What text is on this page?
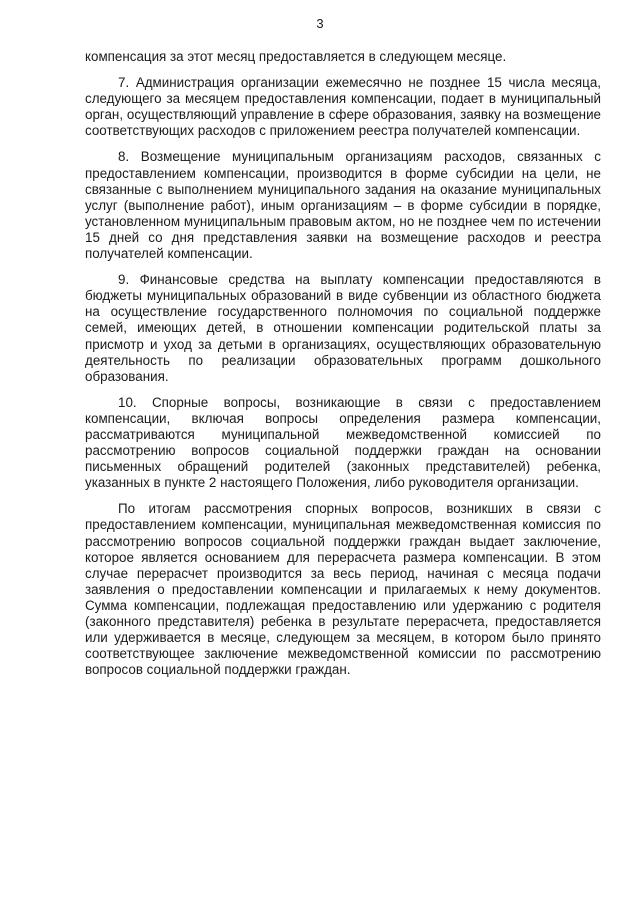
3

компенсация за этот месяц предоставляется в следующем месяце.

7. Администрация организации ежемесячно не позднее 15 числа месяца, следующего за месяцем предоставления компенсации, подает в муниципальный орган, осуществляющий управление в сфере образования, заявку на возмещение соответствующих расходов с приложением реестра получателей компенсации.

8. Возмещение муниципальным организациям расходов, связанных с предоставлением компенсации, производится в форме субсидии на цели, не связанные с выполнением муниципального задания на оказание муниципальных услуг (выполнение работ), иным организациям – в форме субсидии в порядке, установленном муниципальным правовым актом, но не позднее чем по истечении 15 дней со дня представления заявки на возмещение расходов и реестра получателей компенсации.

9. Финансовые средства на выплату компенсации предоставляются в бюджеты муниципальных образований в виде субвенции из областного бюджета на осуществление государственного полномочия по социальной поддержке семей, имеющих детей, в отношении компенсации родительской платы за присмотр и уход за детьми в организациях, осуществляющих образовательную деятельность по реализации образовательных программ дошкольного образования.

10. Спорные вопросы, возникающие в связи с предоставлением компенсации, включая вопросы определения размера компенсации, рассматриваются муниципальной межведомственной комиссией по рассмотрению вопросов социальной поддержки граждан на основании письменных обращений родителей (законных представителей) ребенка, указанных в пункте 2 настоящего Положения, либо руководителя организации.

По итогам рассмотрения спорных вопросов, возникших в связи с предоставлением компенсации, муниципальная межведомственная комиссия по рассмотрению вопросов социальной поддержки граждан выдает заключение, которое является основанием для перерасчета размера компенсации. В этом случае перерасчет производится за весь период, начиная с месяца подачи заявления о предоставлении компенсации и прилагаемых к нему документов. Сумма компенсации, подлежащая предоставлению или удержанию с родителя (законного представителя) ребенка в результате перерасчета, предоставляется или удерживается в месяце, следующем за месяцем, в котором было принято соответствующее заключение межведомственной комиссии по рассмотрению вопросов социальной поддержки граждан.
